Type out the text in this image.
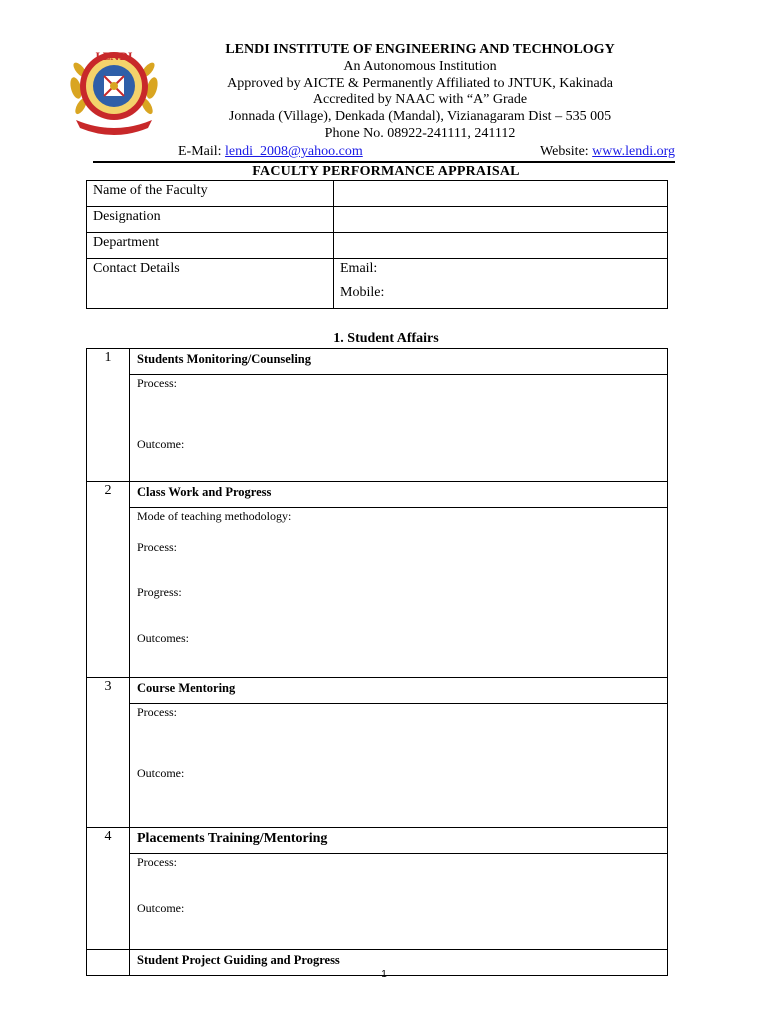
LENDI
LENDI INSTITUTE OF ENGINEERING AND TECHNOLOGY
An Autonomous Institution
Approved by AICTE & Permanently Affiliated to JNTUK, Kakinada
Accredited by NAAC with “A” Grade
Jonnada (Village), Denkada (Mandal), Vizianagaram Dist – 535 005
Phone No. 08922-241111, 241112
E-Mail: lendi_2008@yahoo.com	Website: www.lendi.org
FACULTY PERFORMANCE APPRAISAL
Name of the Faculty	
Designation	
Department	
Contact Details	Email:
Mobile:
1. Student Affairs
1	Students Monitoring/Counseling

	Process:
Outcome:

2	Class Work and Progress

	Mode of teaching methodology:
Process:
Progress:
Outcomes:

3	Course Mentoring

	Process:
Outcome:

4	Placements Training/Mentoring

	Process:
Outcome:

	Student Project Guiding and Progress
1
